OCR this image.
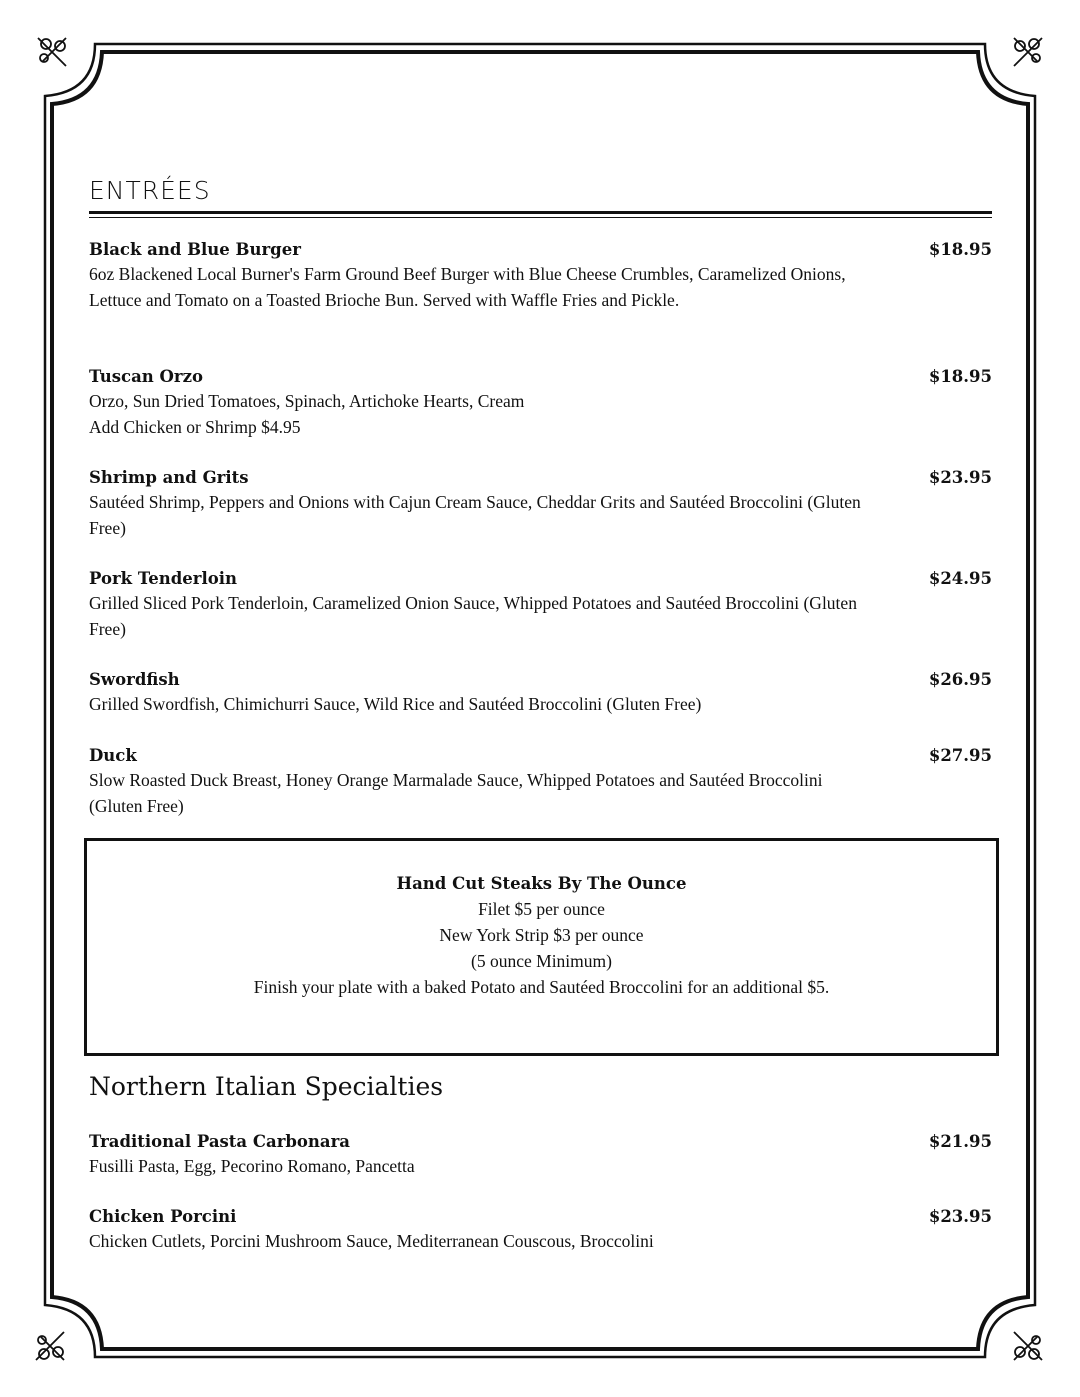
ENTRÉES
Black and Blue Burger	$18.95
6oz Blackened Local Burner's Farm Ground Beef Burger with Blue Cheese Crumbles, Caramelized Onions, Lettuce and Tomato on a Toasted Brioche Bun. Served with Waffle Fries and Pickle.
Tuscan Orzo	$18.95
Orzo, Sun Dried Tomatoes, Spinach, Artichoke Hearts, Cream
Add Chicken or Shrimp $4.95
Shrimp and Grits	$23.95
Sautéed Shrimp, Peppers and Onions with Cajun Cream Sauce, Cheddar Grits and Sautéed Broccolini (Gluten Free)
Pork Tenderloin	$24.95
Grilled Sliced Pork Tenderloin, Caramelized Onion Sauce, Whipped Potatoes and Sautéed Broccolini (Gluten Free)
Swordfish	$26.95
Grilled Swordfish, Chimichurri Sauce, Wild Rice and Sautéed Broccolini (Gluten Free)
Duck	$27.95
Slow Roasted Duck Breast, Honey Orange Marmalade Sauce, Whipped Potatoes and Sautéed Broccolini (Gluten Free)
Hand Cut Steaks By The Ounce
Filet $5 per ounce
New York Strip $3 per ounce
(5 ounce Minimum)
Finish your plate with a baked Potato and Sautéed Broccolini for an additional $5.
Northern Italian Specialties
Traditional Pasta Carbonara	$21.95
Fusilli Pasta, Egg, Pecorino Romano, Pancetta
Chicken Porcini	$23.95
Chicken Cutlets, Porcini Mushroom Sauce, Mediterranean Couscous, Broccolini
